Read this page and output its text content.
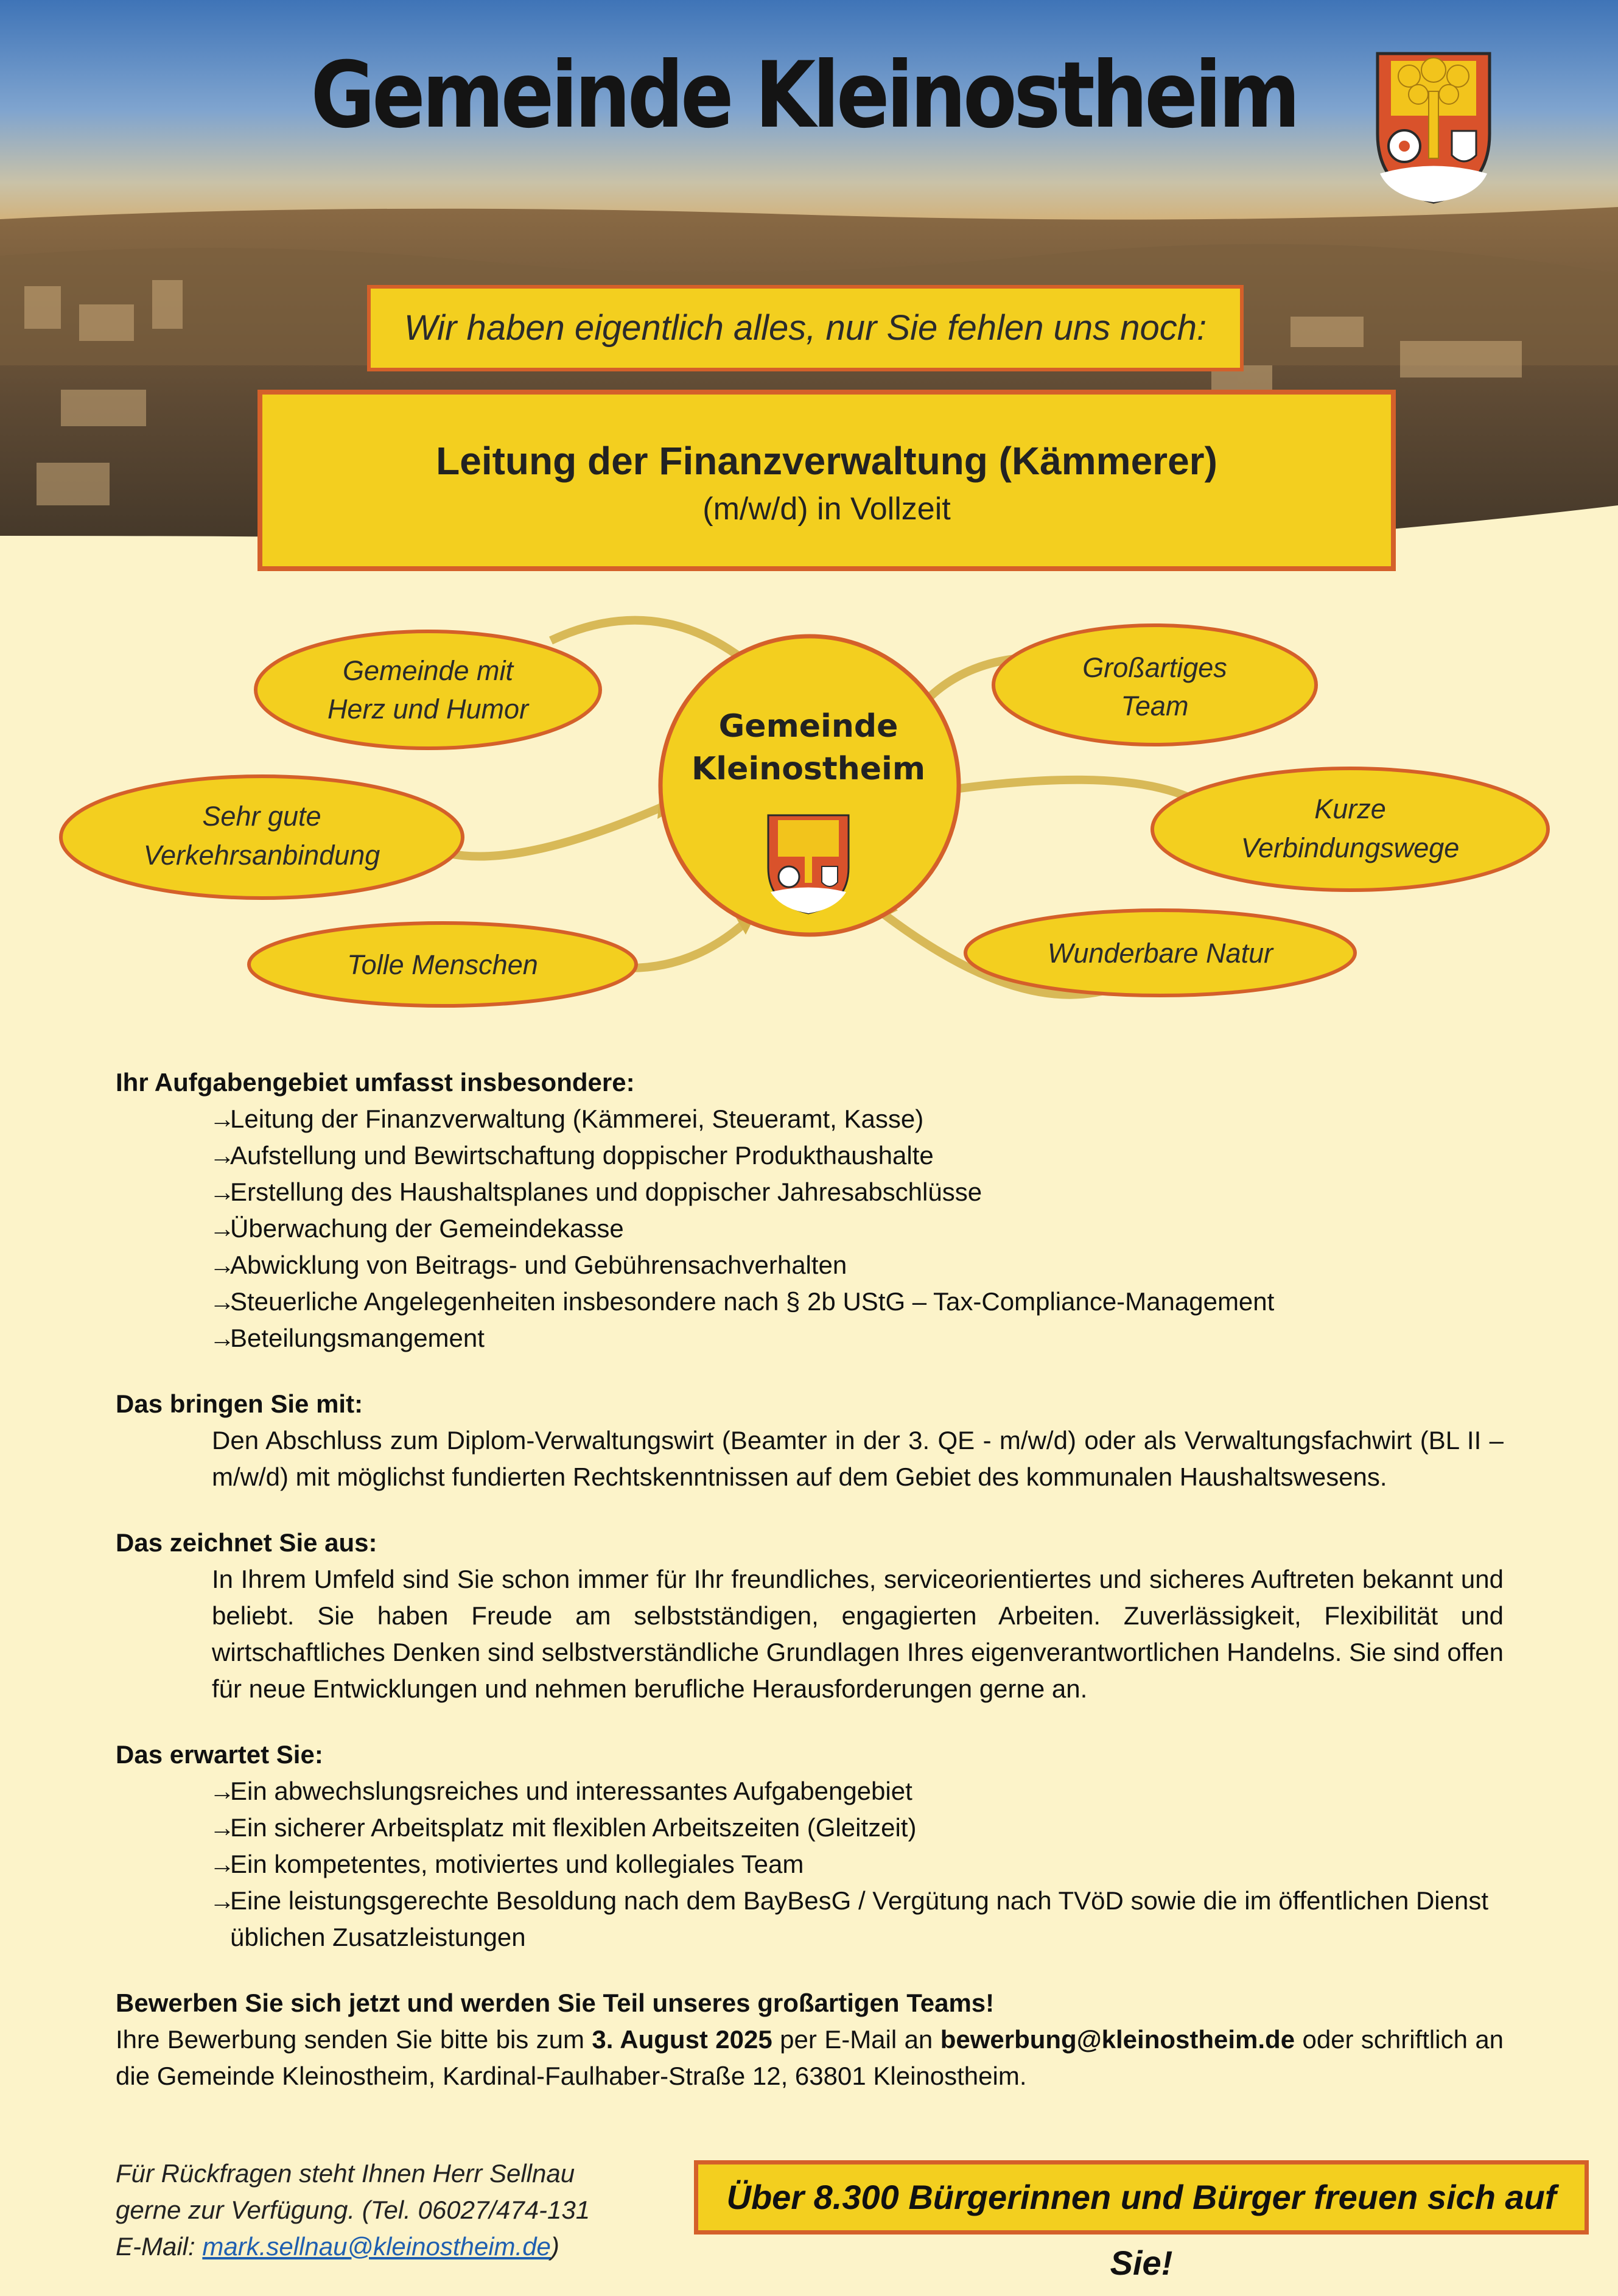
Gemeinde Kleinostheim
Wir haben eigentlich alles, nur Sie fehlen uns noch:
Leitung der Finanzverwaltung (Kämmerer)
(m/w/d) in Vollzeit
Gemeinde
Kleinostheim
Gemeinde mit
Herz und Humor
Sehr gute
Verkehrsanbindung
Tolle Menschen
Großartiges
Team
Kurze
Verbindungswege
Wunderbare Natur

Ihr Aufgabengebiet umfasst insbesondere:

→Leitung der Finanzverwaltung (Kämmerei, Steueramt, Kasse)
→Aufstellung und Bewirtschaftung doppischer Produkthaushalte
→Erstellung des Haushaltsplanes und doppischer Jahresabschlüsse
→Überwachung der Gemeindekasse
→Abwicklung von Beitrags- und Gebührensachverhalten
→Steuerliche Angelegenheiten insbesondere nach § 2b UStG – Tax-Compliance-Management
→Beteilungsmangement

Das bringen Sie mit:

Den Abschluss zum Diplom-Verwaltungswirt (Beamter in der 3. QE - m/w/d) oder als Verwaltungsfachwirt (BL II – m/w/d) mit möglichst fundierten Rechtskenntnissen auf dem Gebiet des kommunalen Haushaltswesens.

Das zeichnet Sie aus:

In Ihrem Umfeld sind Sie schon immer für Ihr freundliches, serviceorientiertes und sicheres Auftreten bekannt und beliebt. Sie haben Freude am selbstständigen, engagierten Arbeiten. Zuverlässigkeit, Flexibilität und wirtschaftliches Denken sind selbstverständliche Grundlagen Ihres eigenverantwortlichen Handelns. Sie sind offen für neue Entwicklungen und nehmen berufliche Herausforderungen gerne an.

Das erwartet Sie:

→Ein abwechslungsreiches und interessantes Aufgabengebiet
→Ein sicherer Arbeitsplatz mit flexiblen Arbeitszeiten (Gleitzeit)
→Ein kompetentes, motiviertes und kollegiales Team
→Eine leistungsgerechte Besoldung nach dem BayBesG / Vergütung nach TVöD sowie die im öffentlichen Dienst üblichen Zusatzleistungen

Bewerben Sie sich jetzt und werden Sie Teil unseres großartigen Teams!

Ihre Bewerbung senden Sie bitte bis zum 3. August 2025 per E-Mail an bewerbung@kleinostheim.de oder schriftlich an die Gemeinde Kleinostheim, Kardinal-Faulhaber-Straße 12, 63801 Kleinostheim.

Für Rückfragen steht Ihnen Herr Sellnau
gerne zur Verfügung. (Tel. 06027/474-131
E-Mail: mark.sellnau@kleinostheim.de)
Über 8.300 Bürgerinnen und Bürger freuen sich auf Sie!
